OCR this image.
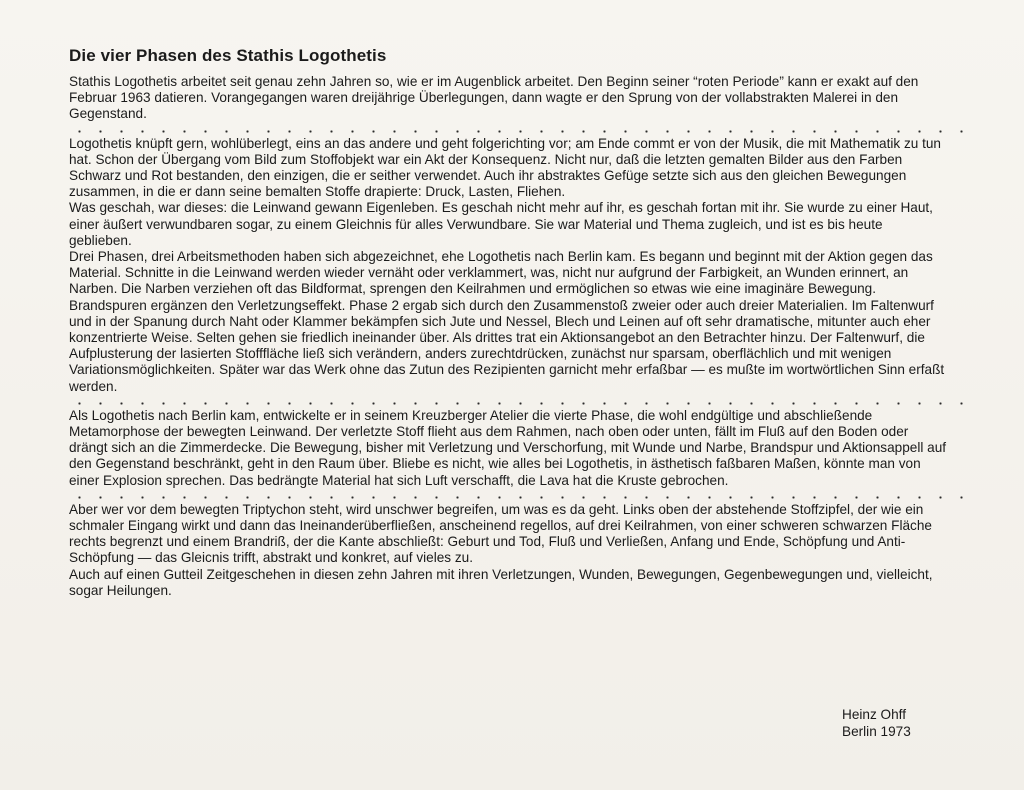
Die vier Phasen des Stathis Logothetis

Stathis Logothetis arbeitet seit genau zehn Jahren so, wie er im Augenblick arbeitet. Den Beginn seiner “roten Periode” kann er exakt auf den Februar 1963 datieren. Vorangegangen waren dreijährige Überlegungen, dann wagte er den Sprung von der vollabstrakten Malerei in den Gegenstand.

Logothetis knüpft gern, wohlüberlegt, eins an das andere und geht folgerichting vor; am Ende commt er von der Musik, die mit Mathematik zu tun hat. Schon der Übergang vom Bild zum Stoffobjekt war ein Akt der Konsequenz. Nicht nur, daß die letzten gemalten Bilder aus den Farben Schwarz und Rot bestanden, den einzigen, die er seither verwendet. Auch ihr abstraktes Gefüge setzte sich aus den gleichen Bewegungen zusammen, in die er dann seine bemalten Stoffe drapierte: Druck, Lasten, Fliehen.

Was geschah, war dieses: die Leinwand gewann Eigenleben. Es geschah nicht mehr auf ihr, es geschah fortan mit ihr. Sie wurde zu einer Haut, einer äußert verwundbaren sogar, zu einem Gleichnis für alles Verwundbare. Sie war Material und Thema zugleich, und ist es bis heute geblieben.

Drei Phasen, drei Arbeitsmethoden haben sich abgezeichnet, ehe Logothetis nach Berlin kam. Es begann und beginnt mit der Aktion gegen das Material. Schnitte in die Leinwand werden wieder vernäht oder verklammert, was, nicht nur aufgrund der Farbigkeit, an Wunden erinnert, an Narben. Die Narben verziehen oft das Bildformat, sprengen den Keilrahmen und ermöglichen so etwas wie eine imaginäre Bewegung. Brandspuren ergänzen den Verletzungseffekt. Phase 2 ergab sich durch den Zusammenstoß zweier oder auch dreier Materialien. Im Faltenwurf und in der Spanung durch Naht oder Klammer bekämpfen sich Jute und Nessel, Blech und Leinen auf oft sehr dramatische, mitunter auch eher konzentrierte Weise. Selten gehen sie friedlich ineinander über. Als drittes trat ein Aktionsangebot an den Betrachter hinzu. Der Faltenwurf, die Aufplusterung der lasierten Stofffläche ließ sich verändern, anders zurechtdrücken, zunächst nur sparsam, oberflächlich und mit wenigen Variationsmöglichkeiten. Später war das Werk ohne das Zutun des Rezipienten garnicht mehr erfaßbar — es mußte im wortwörtlichen Sinn erfaßt werden.

Als Logothetis nach Berlin kam, entwickelte er in seinem Kreuzberger Atelier die vierte Phase, die wohl endgültige und abschließende Metamorphose der bewegten Leinwand. Der verletzte Stoff flieht aus dem Rahmen, nach oben oder unten, fällt im Fluß auf den Boden oder drängt sich an die Zimmerdecke. Die Bewegung, bisher mit Verletzung und Verschorfung, mit Wunde und Narbe, Brandspur und Aktionsappell auf den Gegenstand beschränkt, geht in den Raum über. Bliebe es nicht, wie alles bei Logothetis, in ästhetisch faßbaren Maßen, könnte man von einer Explosion sprechen. Das bedrängte Material hat sich Luft verschafft, die Lava hat die Kruste gebrochen.

Aber wer vor dem bewegten Triptychon steht, wird unschwer begreifen, um was es da geht. Links oben der abstehende Stoffzipfel, der wie ein schmaler Eingang wirkt und dann das Ineinanderüberfließen, anscheinend regellos, auf drei Keilrahmen, von einer schweren schwarzen Fläche rechts begrenzt und einem Brandriß, der die Kante abschließt: Geburt und Tod, Fluß und Verließen, Anfang und Ende, Schöpfung und Anti-Schöpfung — das Gleicnis trifft, abstrakt und konkret, auf vieles zu.

Auch auf einen Gutteil Zeitgeschehen in diesen zehn Jahren mit ihren Verletzungen, Wunden, Bewegungen, Gegenbewegungen und, vielleicht, sogar Heilungen.

Heinz Ohff
Berlin 1973
